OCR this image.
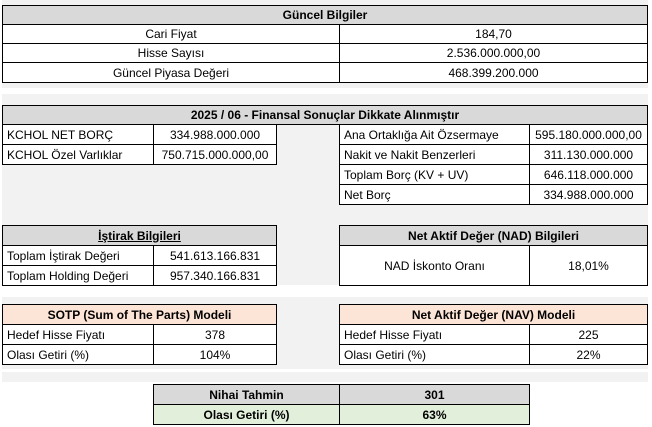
Güncel Bilgiler
Cari Fiyat	184,70
Hisse Sayısı	2.536.000.000,00
Güncel Piyasa Değeri	468.399.200.000
2025 / 06 - Finansal Sonuçlar Dikkate Alınmıştır
KCHOL NET BORÇ	334.988.000.000
KCHOL Özel Varlıklar	750.715.000.000,00
Ana Ortaklığa Ait Özsermaye	595.180.000.000,00
Nakit ve Nakit Benzerleri	311.130.000.000
Toplam Borç (KV + UV)	646.118.000.000
Net Borç	334.988.000.000
İştirak Bilgileri
Toplam İştirak Değeri	541.613.166.831
Toplam Holding Değeri	957.340.166.831
Net Aktif Değer (NAD) Bilgileri
NAD İskonto Oranı	18,01%
SOTP (Sum of The Parts) Modeli
Hedef Hisse Fiyatı	378
Olası Getiri (%)	104%
Net Aktif Değer (NAV) Modeli
Hedef Hisse Fiyatı	225
Olası Getiri (%)	22%
Nihai Tahmin	301
Olası Getiri (%)	63%
